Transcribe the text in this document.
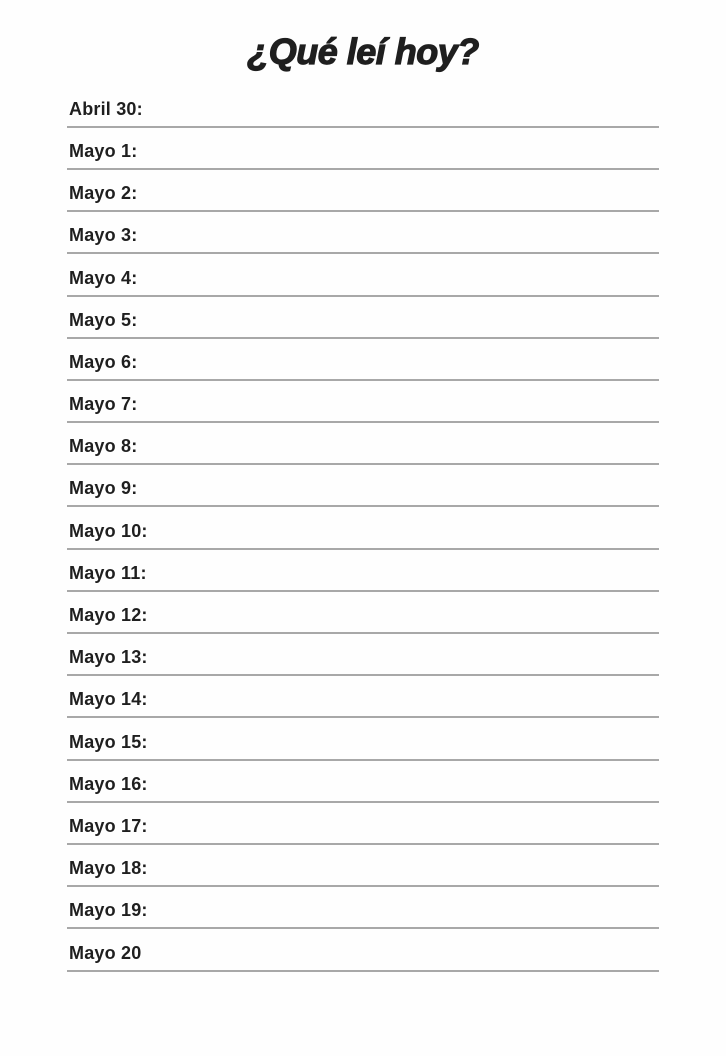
¿Qué leí hoy?
Abril 30:
Mayo 1:
Mayo 2:
Mayo 3:
Mayo 4:
Mayo 5:
Mayo 6:
Mayo 7:
Mayo 8:
Mayo 9:
Mayo 10:
Mayo 11:
Mayo 12:
Mayo 13:
Mayo 14:
Mayo 15:
Mayo 16:
Mayo 17:
Mayo 18:
Mayo 19:
Mayo 20
